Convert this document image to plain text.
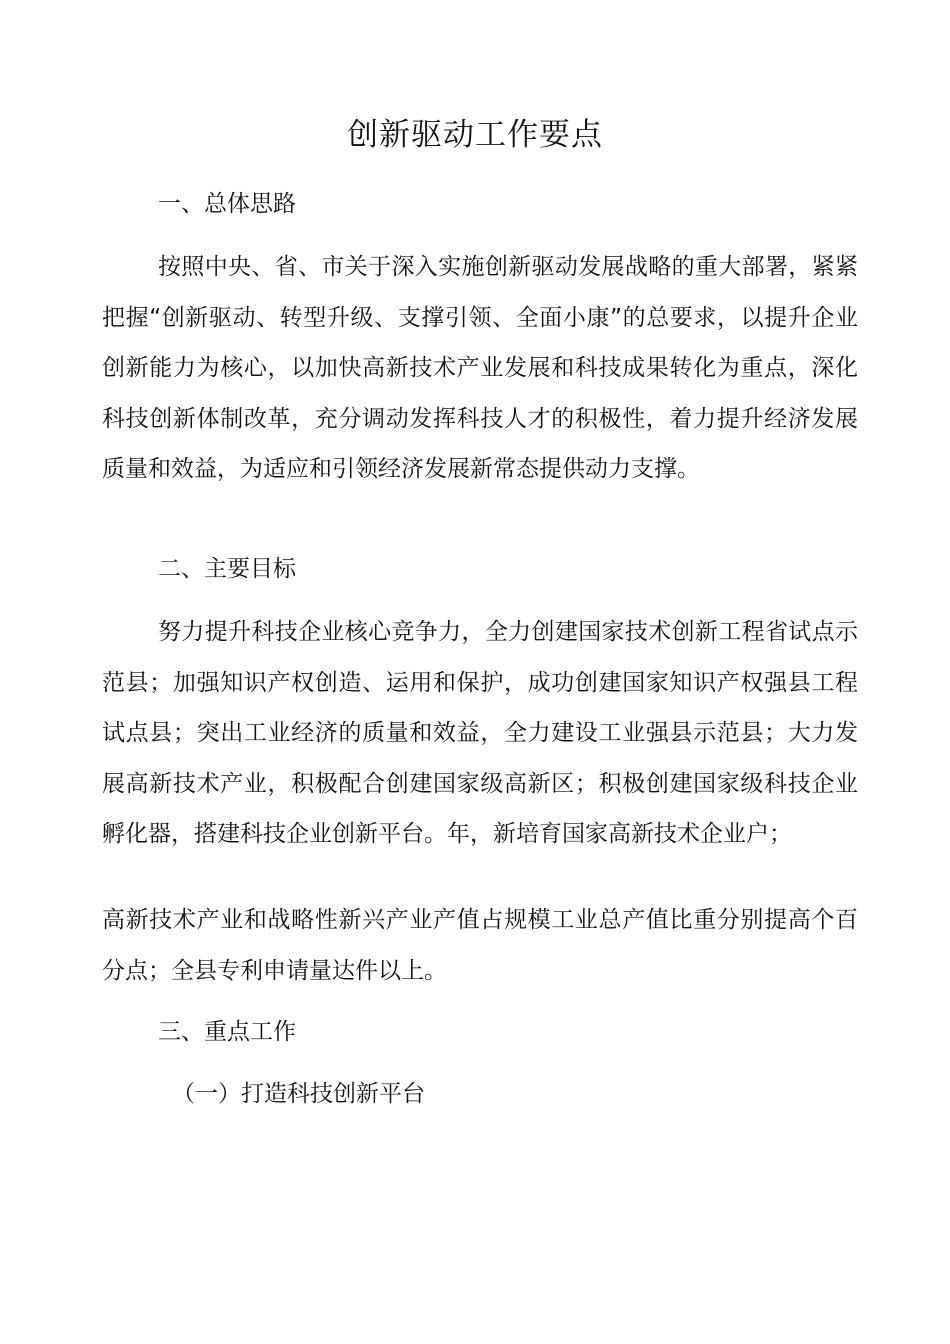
创新驱动工作要点
一、总体思路

按照中央、省、市关于深入实施创新驱动发展战略的重大部署，紧紧把握“创新驱动、转型升级、支撑引领、全面小康”的总要求，以提升企业创新能力为核心，以加快高新技术产业发展和科技成果转化为重点，深化科技创新体制改革，充分调动发挥科技人才的积极性，着力提升经济发展质量和效益，为适应和引领经济发展新常态提供动力支撑。

二、主要目标

努力提升科技企业核心竞争力，全力创建国家技术创新工程省试点示范县；加强知识产权创造、运用和保护，成功创建国家知识产权强县工程试点县；突出工业经济的质量和效益，全力建设工业强县示范县；大力发展高新技术产业，积极配合创建国家级高新区；积极创建国家级科技企业孵化器，搭建科技企业创新平台。年，新培育国家高新技术企业户；

高新技术产业和战略性新兴产业产值占规模工业总产值比重分别提高个百分点；全县专利申请量达件以上。

三、重点工作
（一）打造科技创新平台
